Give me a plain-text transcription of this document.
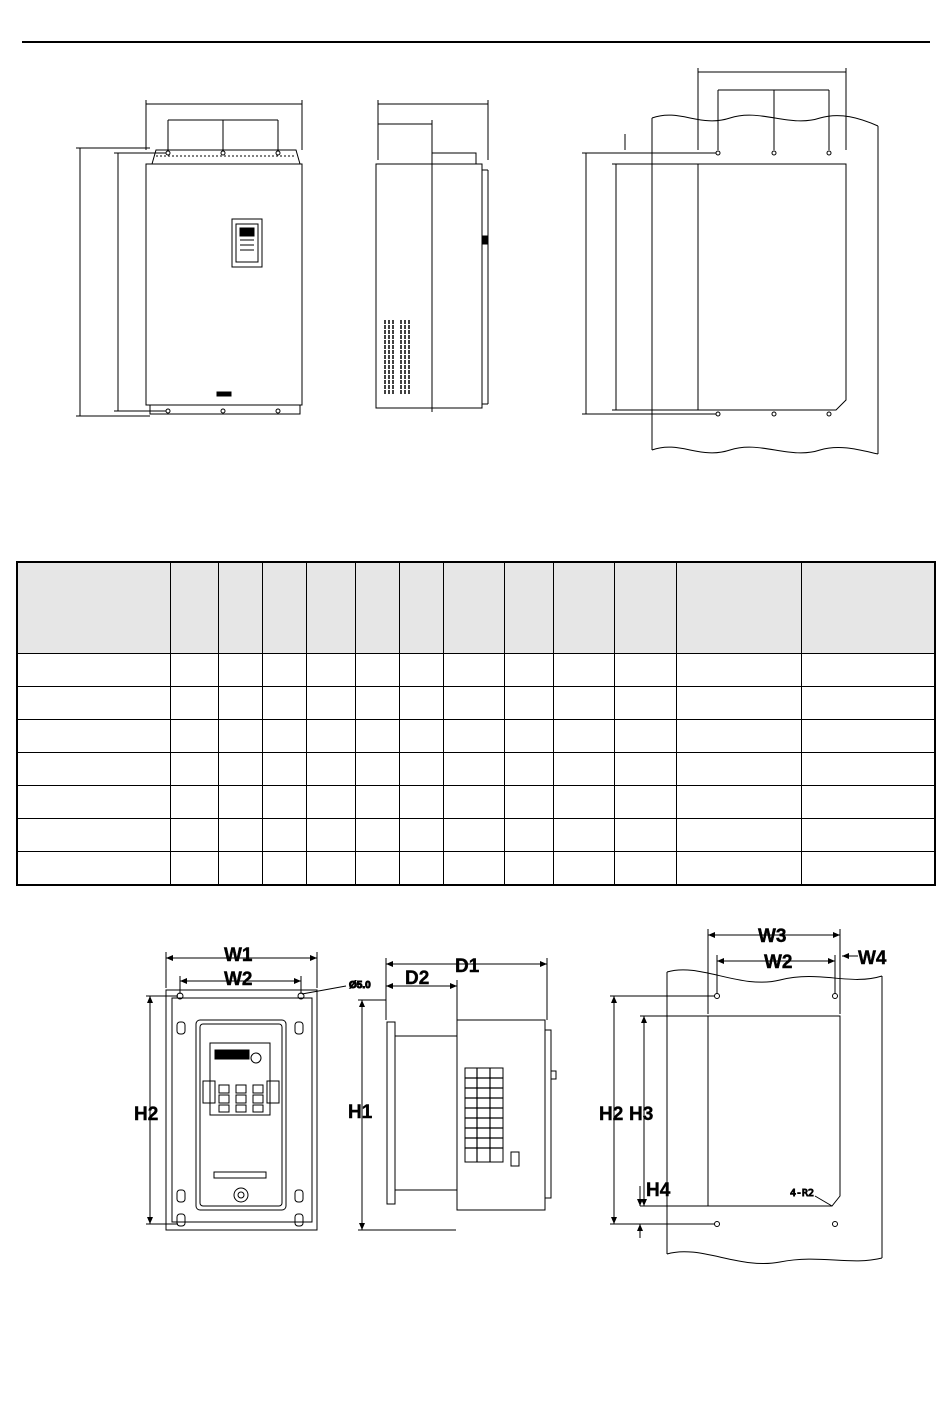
W1
W2
H2
Ø5.0
D1
D2
H1
W3
W2	W4
H2 H3
H4	4-R2
